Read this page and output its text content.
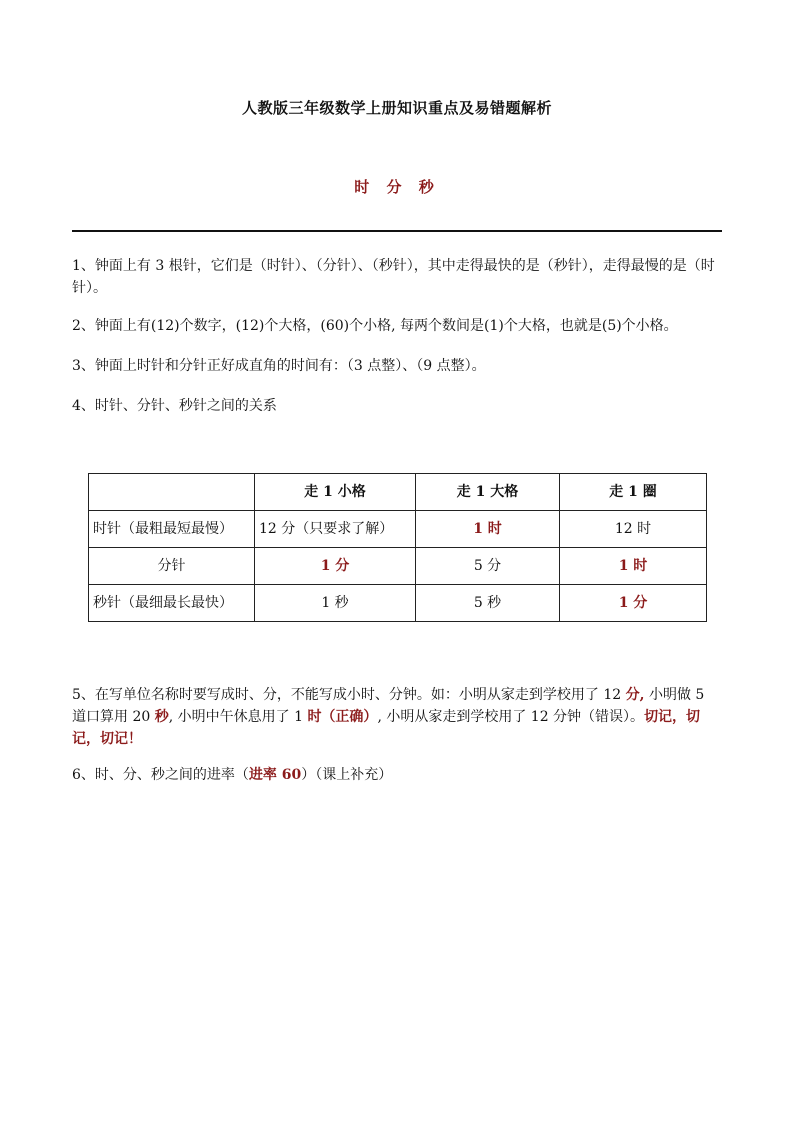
人教版三年级数学上册知识重点及易错题解析
时 分 秒
1、钟面上有 3 根针，它们是（时针）、（分针）、（秒针），其中走得最快的是（秒针），走得最慢的是（时针）。
2、钟面上有(12)个数字，(12)个大格，(60)个小格, 每两个数间是(1)个大格，也就是(5)个小格。
3、钟面上时针和分针正好成直角的时间有：（3 点整）、（9 点整）。
4、时针、分针、秒针之间的关系
	走 1 小格	走 1 大格	走 1 圈
时针（最粗最短最慢）	12 分（只要求了解）	1 时	12 时
分针	1 分	5 分	1 时
秒针（最细最长最快）	1 秒	5 秒	1 分
5、在写单位名称时要写成时、分，不能写成小时、分钟。如：小明从家走到学校用了 12 分, 小明做 5 道口算用 20 秒, 小明中午休息用了 1 时（正确）, 小明从家走到学校用了 12 分钟（错误）。切记，切记，切记！
6、时、分、秒之间的进率（进率 60）（课上补充）
